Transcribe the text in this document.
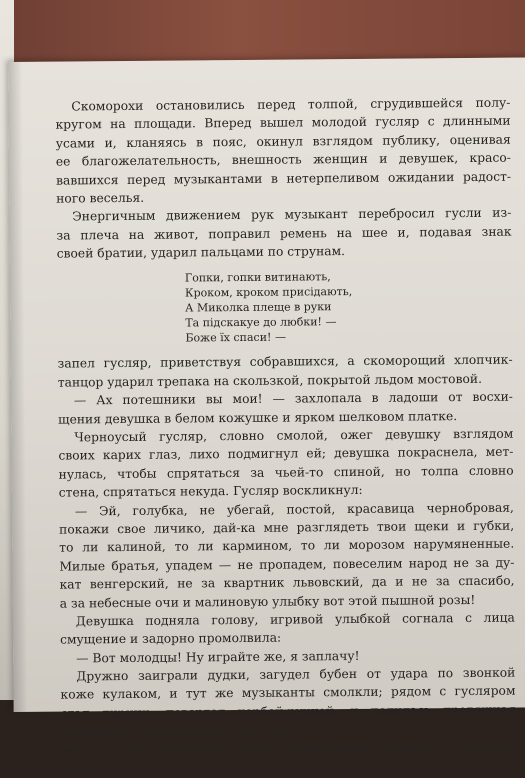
Скоморохи остановились перед толпой, сгрудившейся полу-
кругом на площади. Вперед вышел молодой гусляр с длинными
усами и, кланяясь в пояс, окинул взглядом публику, оценивая
ее благожелательность, внешность женщин и девушек, красо-
вавшихся перед музыкантами в нетерпеливом ожидании радост-
ного веселья.
Энергичным движением рук музыкант перебросил гусли из-
за плеча на живот, поправил ремень на шее и, подавая знак
своей братии, ударил пальцами по струнам.
Гопки, гопки витинають,
Кроком, кроком присiдають,
А Миколка плеще в руки
Та пiдскакуе до любки! —
Боже їх спаси! —
запел гусляр, приветствуя собравшихся, а скоморощий хлопчик-
танцор ударил трепака на скользкой, покрытой льдом мостовой.
— Ах потешники вы мои! — захлопала в ладоши от восхи-
щения девушка в белом кожушке и ярком шелковом платке.
Черноусый гусляр, словно смолой, ожег девушку взглядом
своих карих глаз, лихо подмигнул ей; девушка покраснела, мет-
нулась, чтобы спрятаться за чьей-то спиной, но толпа словно
стена, спрятаться некуда. Гусляр воскликнул:
— Эй, голубка, не убегай, постой, красавица чернобровая,
покажи свое личико, дай-ка мне разглядеть твои щеки и губки,
то ли калиной, то ли кармином, то ли морозом нарумяненные.
Милые братья, упадем — не пропадем, повеселим народ не за ду-
кат венгерский, не за квартник львовский, да и не за спасибо,
а за небесные очи и малиновую улыбку вот этой пышной розы!
Девушка подняла голову, игривой улыбкой согнала с лица
смущение и задорно промолвила:
— Вот молодцы! Ну играйте же, я заплачу!
Дружно заиграли дудки, загудел бубен от удара по звонкой
коже кулаком, и тут же музыканты смолкли; рядом с гусляром
стал лирник, повертел корбой-ручкой, и полилась протяжная
свадебная, трогательная мелодия, пересыпанная, словно мороз-
ный воздух блестками инея, вкрадчивым звоном гусельных
струн:
